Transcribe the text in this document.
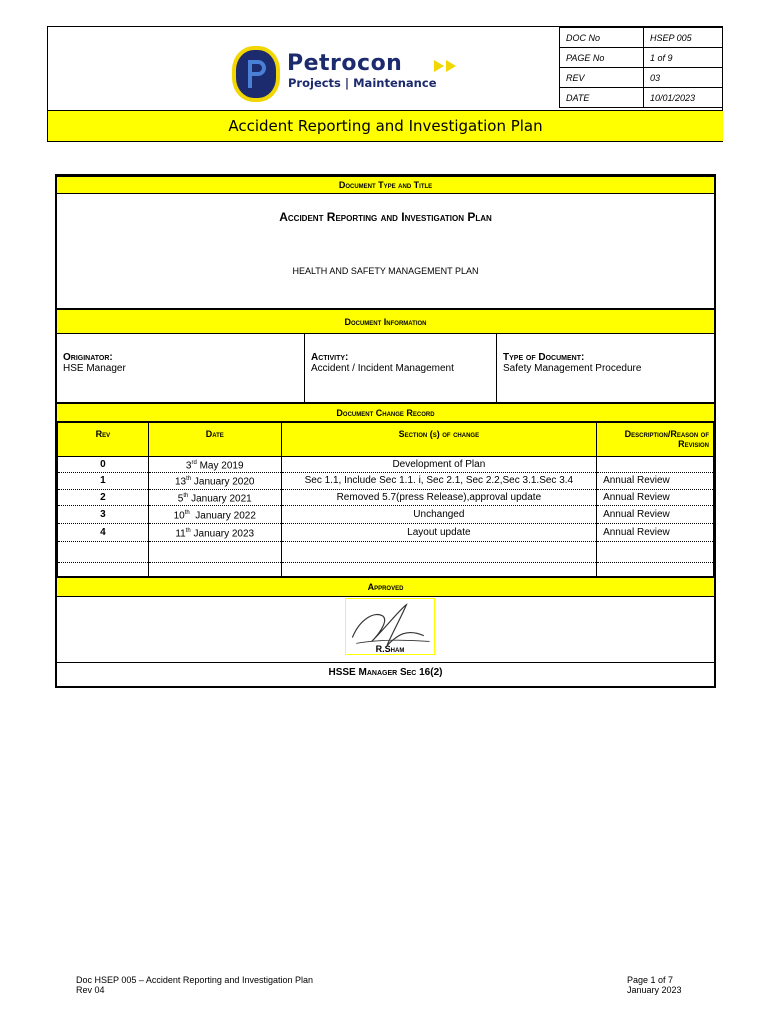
Petrocon
Projects | Maintenance
DOC No	HSEP 005
PAGE No	1 of 9
REV	03
DATE	10/01/2023
Accident Reporting and Investigation Plan
Document Type and Title
Accident Reporting and Investigation Plan
HEALTH AND SAFETY MANAGEMENT PLAN
Document Information
Originator:
HSE Manager
Activity:
Accident / Incident Management
Type of Document:
Safety Management Procedure
Document Change Record
Rev	Date	Section (s) of change	Description/Reason of Revision
0	3rd May 2019	Development of Plan	
1	13th January 2020	Sec 1.1, Include Sec 1.1. i, Sec 2.1, Sec 2.2,Sec 3.1.Sec 3.4	Annual Review
2	5th January 2021	Removed 5.7(press Release),approval update	Annual Review
3	10th  January 2022	Unchanged	Annual Review
4	11th January 2023	Layout update	Annual Review

Approved
R.Sham
HSSE Manager Sec 16(2)
Doc HSEP 005 – Accident Reporting and Investigation Plan
Rev 04
Page 1 of 7
January 2023
